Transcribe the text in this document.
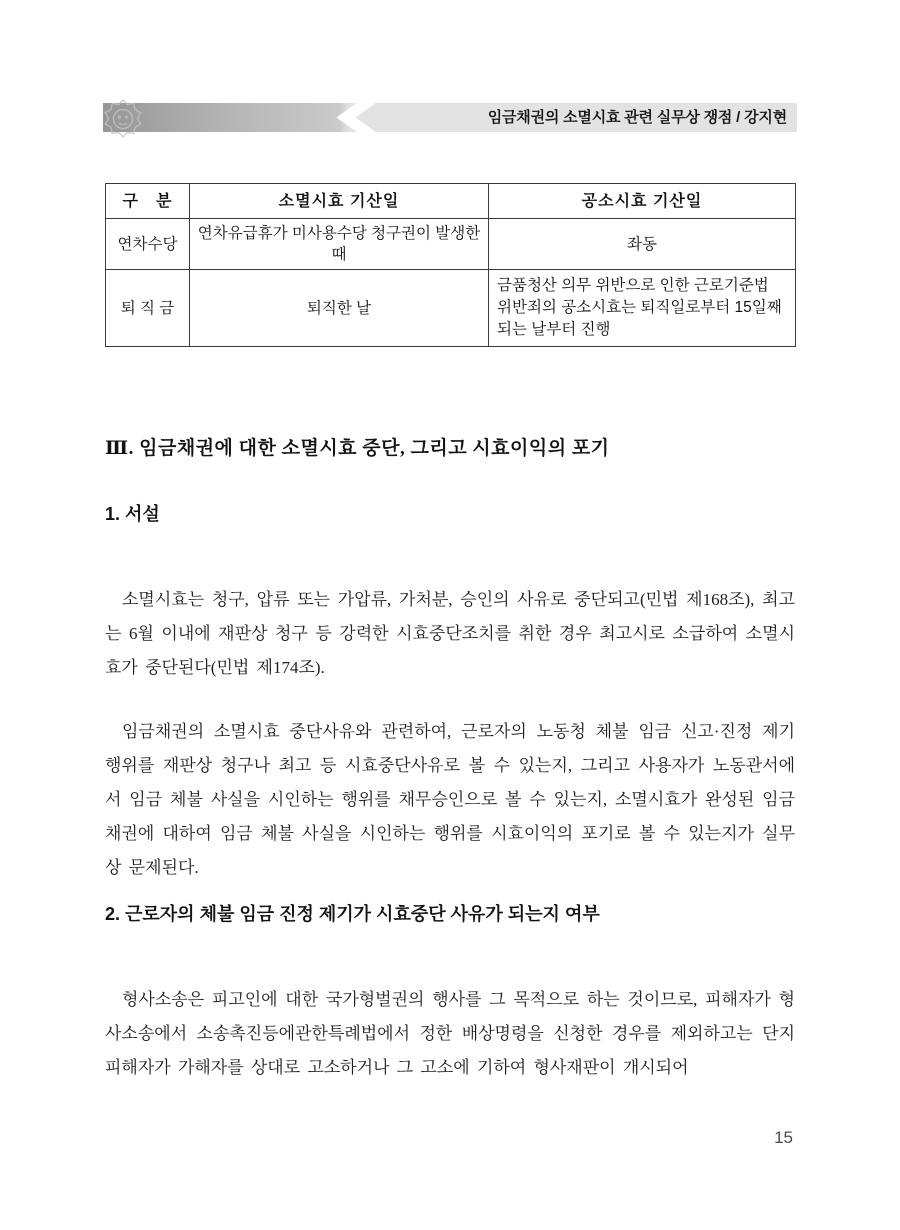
임금채권의 소멸시효 관련 실무상 쟁점 / 강지현
구　분	소멸시효 기산일	공소시효 기산일
연차수당	연차유급휴가 미사용수당 청구권이 발생한 때	좌동
퇴 직 금	퇴직한 날	금품청산 의무 위반으로 인한 근로기준법 위반죄의 공소시효는 퇴직일로부터 15일째 되는 날부터 진행
Ⅲ. 임금채권에 대한 소멸시효 중단, 그리고 시효이익의 포기
1. 서설

소멸시효는 청구, 압류 또는 가압류, 가처분, 승인의 사유로 중단되고(민법 제168조), 최고는 6월 이내에 재판상 청구 등 강력한 시효중단조치를 취한 경우 최고시로 소급하여 소멸시효가 중단된다(민법 제174조).

임금채권의 소멸시효 중단사유와 관련하여, 근로자의 노동청 체불 임금 신고·진정 제기 행위를 재판상 청구나 최고 등 시효중단사유로 볼 수 있는지, 그리고 사용자가 노동관서에서 임금 체불 사실을 시인하는 행위를 채무승인으로 볼 수 있는지, 소멸시효가 완성된 임금채권에 대하여 임금 체불 사실을 시인하는 행위를 시효이익의 포기로 볼 수 있는지가 실무상 문제된다.

2. 근로자의 체불 임금 진정 제기가 시효중단 사유가 되는지 여부

형사소송은 피고인에 대한 국가형벌권의 행사를 그 목적으로 하는 것이므로, 피해자가 형사소송에서 소송촉진등에관한특례법에서 정한 배상명령을 신청한 경우를 제외하고는 단지 피해자가 가해자를 상대로 고소하거나 그 고소에 기하여 형사재판이 개시되어

15
